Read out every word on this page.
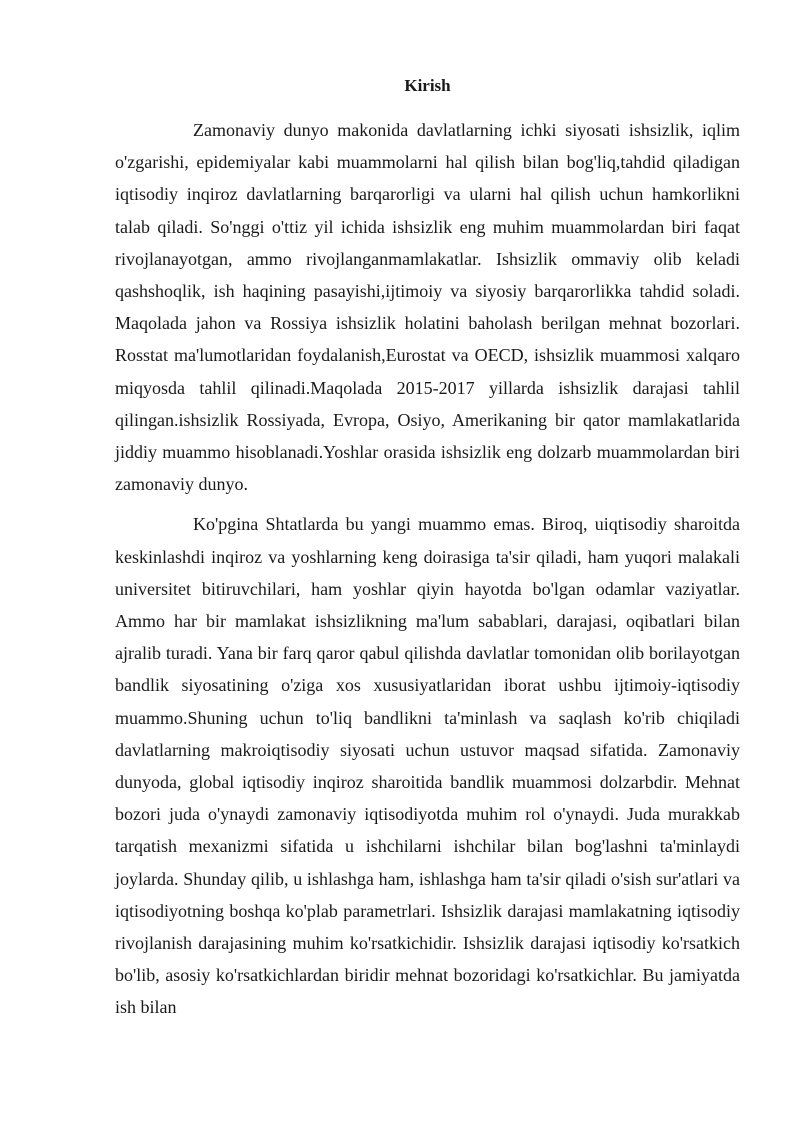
Kirish

Zamonaviy dunyo makonida davlatlarning ichki siyosati ishsizlik, iqlim o'zgarishi, epidemiyalar kabi muammolarni hal qilish bilan bog'liq,tahdid qiladigan iqtisodiy inqiroz davlatlarning barqarorligi va ularni hal qilish uchun hamkorlikni talab qiladi. So'nggi o'ttiz yil ichida ishsizlik eng muhim muammolardan biri faqat rivojlanayotgan, ammo rivojlanganmamlakatlar. Ishsizlik ommaviy olib keladi qashshoqlik, ish haqining pasayishi,ijtimoiy va siyosiy barqarorlikka tahdid soladi. Maqolada jahon va Rossiya ishsizlik holatini baholash berilgan mehnat bozorlari. Rosstat ma'lumotlaridan foydalanish,Eurostat va OECD, ishsizlik muammosi xalqaro miqyosda tahlil qilinadi.Maqolada 2015-2017 yillarda ishsizlik darajasi tahlil qilingan.ishsizlik Rossiyada, Evropa, Osiyo, Amerikaning bir qator mamlakatlarida jiddiy muammo hisoblanadi.Yoshlar orasida ishsizlik eng dolzarb muammolardan biri zamonaviy dunyo.

Ko'pgina Shtatlarda bu yangi muammo emas. Biroq, uiqtisodiy sharoitda keskinlashdi inqiroz va yoshlarning keng doirasiga ta'sir qiladi, ham yuqori malakali universitet bitiruvchilari, ham yoshlar qiyin hayotda bo'lgan odamlar vaziyatlar. Ammo har bir mamlakat ishsizlikning ma'lum sabablari, darajasi, oqibatlari bilan ajralib turadi. Yana bir farq qaror qabul qilishda davlatlar tomonidan olib borilayotgan bandlik siyosatining o'ziga xos xususiyatlaridan iborat ushbu ijtimoiy-iqtisodiy muammo.Shuning uchun to'liq bandlikni ta'minlash va saqlash ko'rib chiqiladi davlatlarning makroiqtisodiy siyosati uchun ustuvor maqsad sifatida. Zamonaviy dunyoda, global iqtisodiy inqiroz sharoitida bandlik muammosi dolzarbdir. Mehnat bozori juda o'ynaydi zamonaviy iqtisodiyotda muhim rol o'ynaydi. Juda murakkab tarqatish mexanizmi sifatida u ishchilarni ishchilar bilan bog'lashni ta'minlaydi joylarda. Shunday qilib, u ishlashga ham, ishlashga ham ta'sir qiladi o'sish sur'atlari va iqtisodiyotning boshqa ko'plab parametrlari. Ishsizlik darajasi mamlakatning iqtisodiy rivojlanish darajasining muhim ko'rsatkichidir. Ishsizlik darajasi iqtisodiy ko'rsatkich bo'lib, asosiy ko'rsatkichlardan biridir mehnat bozoridagi ko'rsatkichlar. Bu jamiyatda ish bilan
